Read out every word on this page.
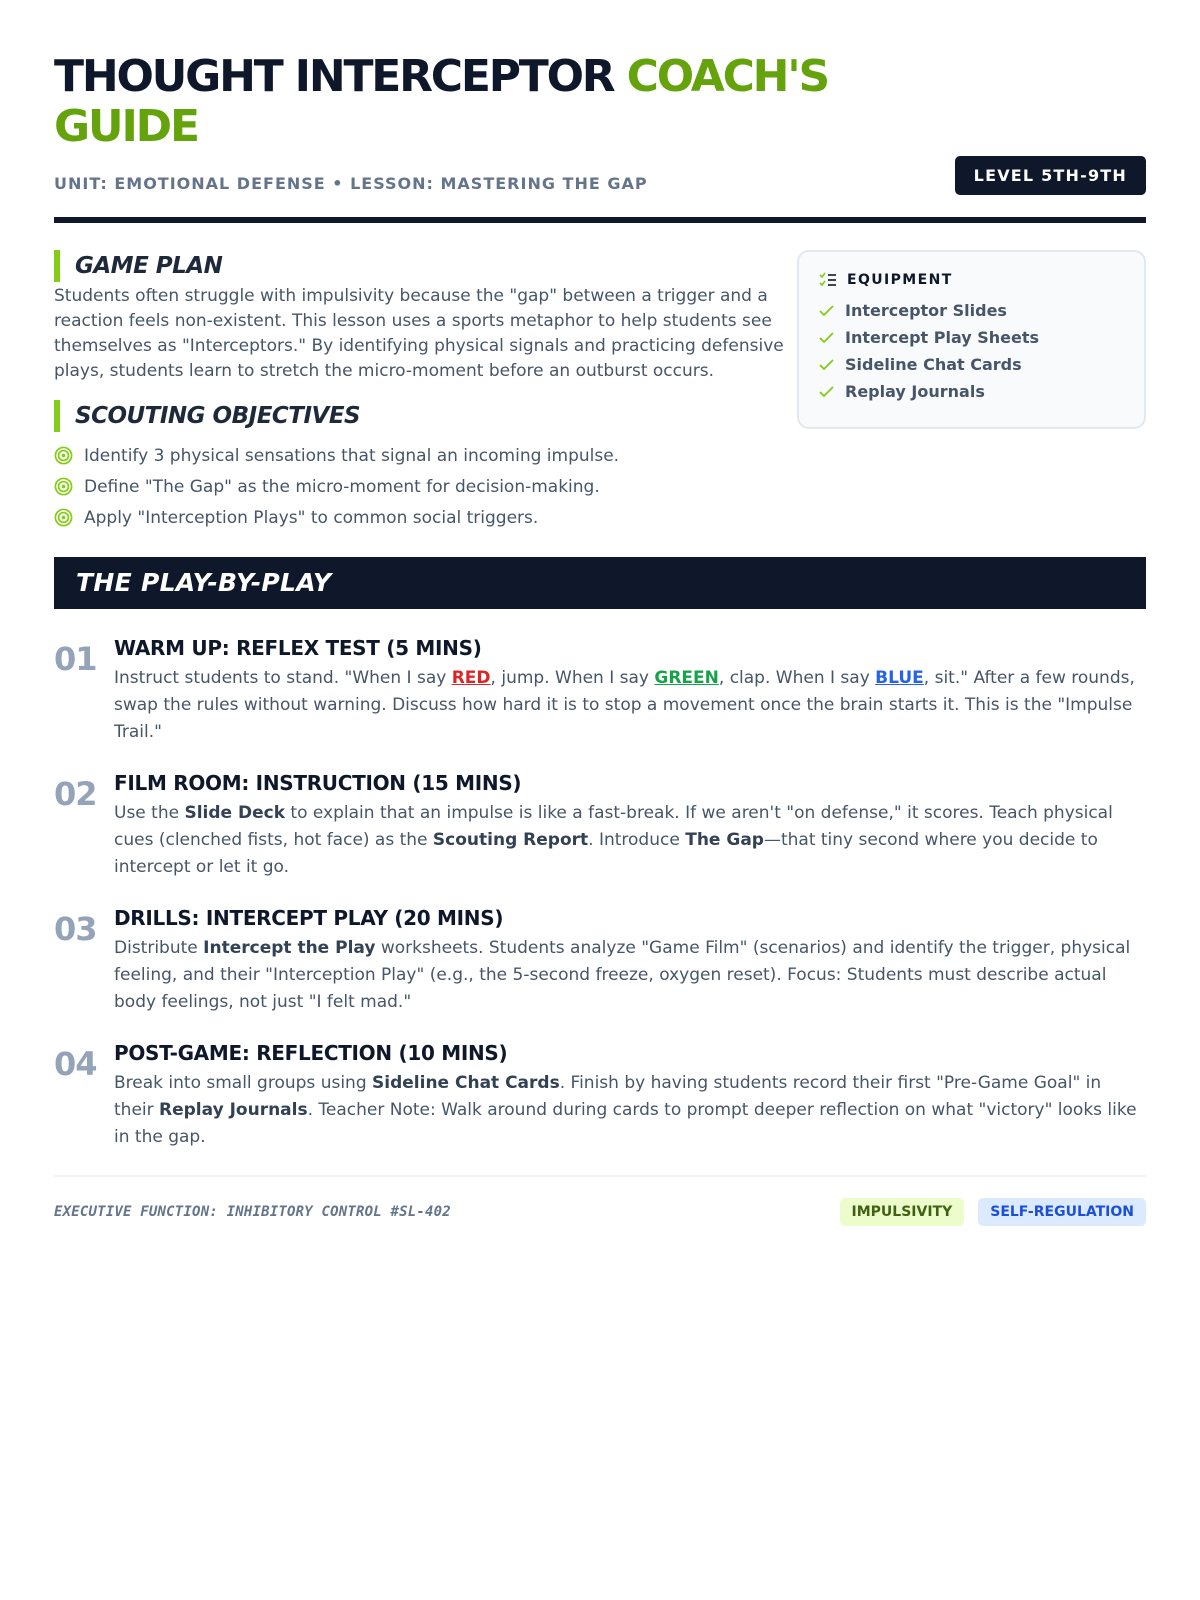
THOUGHT INTERCEPTOR COACH'S
GUIDE
UNIT: EMOTIONAL DEFENSE • LESSON: MASTERING THE GAP	LEVEL 5TH-9TH
GAME PLAN

Students often struggle with impulsivity because the "gap" between a trigger and a reaction feels non-existent. This lesson uses a sports metaphor to help students see themselves as "Interceptors." By identifying physical signals and practicing defensive plays, students learn to stretch the micro-moment before an outburst occurs.

SCOUTING OBJECTIVES
Identify 3 physical sensations that signal an incoming impulse.
Define "The Gap" as the micro-moment for decision-making.
Apply "Interception Plays" to common social triggers.
EQUIPMENT
Interceptor Slides
Intercept Play Sheets
Sideline Chat Cards
Replay Journals
THE PLAY-BY-PLAY
01 WARM UP: REFLEX TEST (5 MINS)

Instruct students to stand. "When I say RED, jump. When I say GREEN, clap. When I say BLUE, sit." After a few rounds, swap the rules without warning. Discuss how hard it is to stop a movement once the brain starts it. This is the "Impulse Trail."

02 FILM ROOM: INSTRUCTION (15 MINS)

Use the Slide Deck to explain that an impulse is like a fast-break. If we aren't "on defense," it scores. Teach physical cues (clenched fists, hot face) as the Scouting Report. Introduce The Gap—that tiny second where you decide to intercept or let it go.

03 DRILLS: INTERCEPT PLAY (20 MINS)

Distribute Intercept the Play worksheets. Students analyze "Game Film" (scenarios) and identify the trigger, physical feeling, and their "Interception Play" (e.g., the 5-second freeze, oxygen reset). Focus: Students must describe actual body feelings, not just "I felt mad."

04 POST-GAME: REFLECTION (10 MINS)

Break into small groups using Sideline Chat Cards. Finish by having students record their first "Pre-Game Goal" in their Replay Journals. Teacher Note: Walk around during cards to prompt deeper reflection on what "victory" looks like in the gap.

EXECUTIVE FUNCTION: INHIBITORY CONTROL #SL-402	IMPULSIVITY	SELF-REGULATION
